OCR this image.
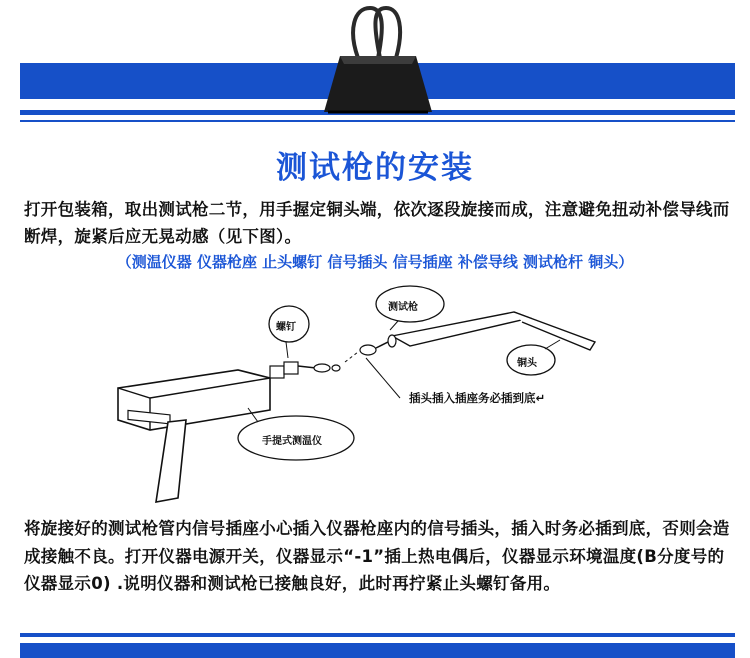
测试枪的安装
打开包装箱，取出测试枪二节，用手握定铜头端，依次逐段旋接而成，注意避免扭动补偿导线而断焊，旋紧后应无晃动感（见下图）。
（测温仪器 仪器枪座 止头螺钉 信号插头 信号插座 补偿导线 测试枪杆 铜头）
螺钉
测试枪
铜头
插头插入插座务必插到底↵
手提式测温仪
将旋接好的测试枪管内信号插座小心插入仪器枪座内的信号插头，插入时务必插到底，否则会造成接触不良。打开仪器电源开关，仪器显示“-1”插上热电偶后，仪器显示环境温度(B分度号的仪器显示0) .说明仪器和测试枪已接触良好，此时再拧紧止头螺钉备用。
